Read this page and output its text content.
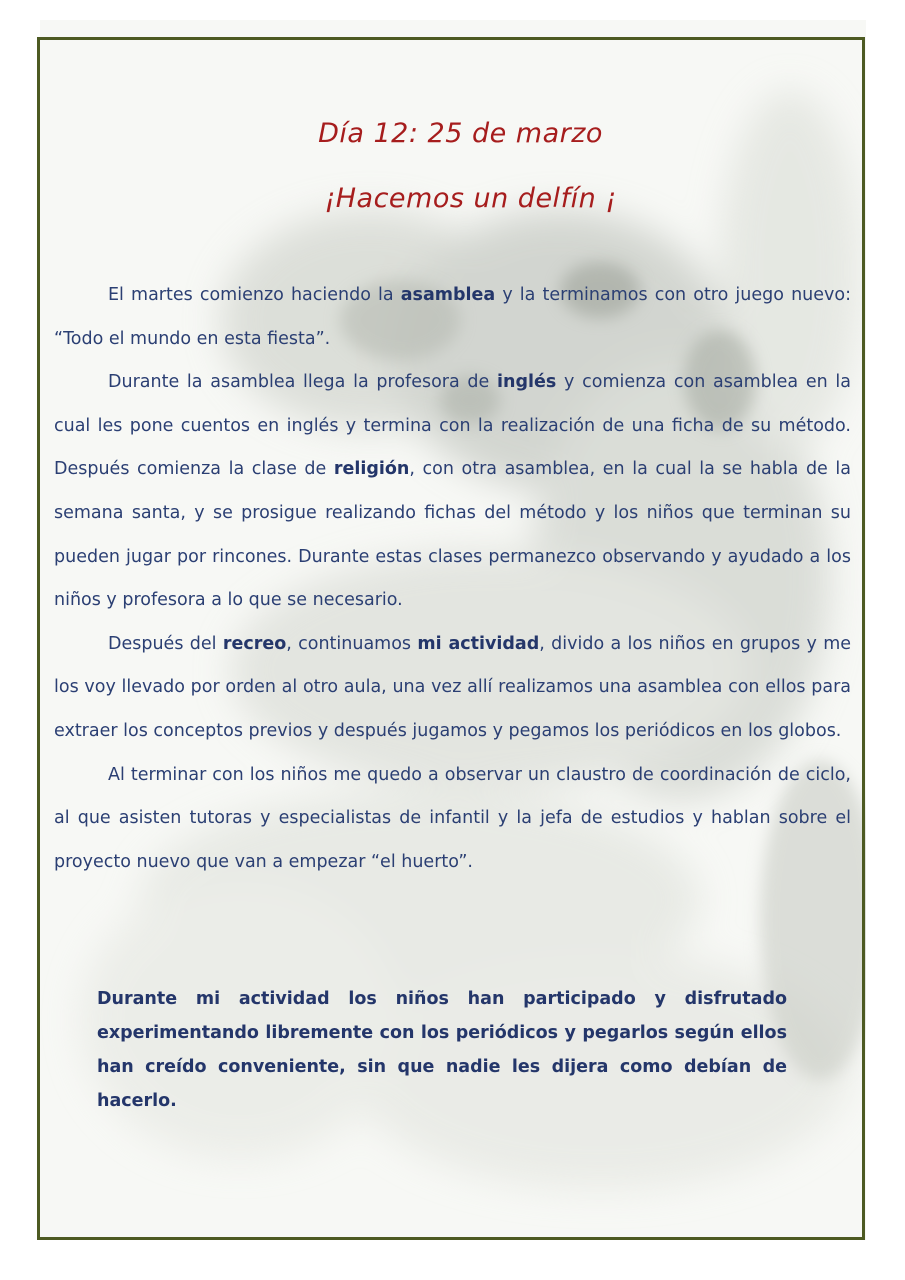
Día 12: 25 de marzo
¡Hacemos un delfín ¡

El martes comienzo haciendo la asamblea y la terminamos con otro juego nuevo: “Todo el mundo en esta fiesta”.

Durante la asamblea llega la profesora de inglés y comienza con asamblea en la cual les pone cuentos en inglés y termina con la realización de una ficha de su método. Después comienza la clase de religión, con otra asamblea, en la cual la se habla de la semana santa, y se prosigue realizando fichas del método y los niños que terminan su pueden jugar por rincones. Durante estas clases permanezco observando y ayudado a los niños y profesora a lo que se necesario.

Después del recreo, continuamos mi actividad, divido a los niños en grupos y me los voy llevado por orden al otro aula, una vez allí realizamos una asamblea con ellos para extraer los conceptos previos y después jugamos y pegamos los periódicos en los globos.

Al terminar con los niños me quedo a observar un claustro de coordinación de ciclo, al que asisten tutoras y especialistas de infantil y la jefa de estudios y hablan sobre el proyecto nuevo que van a empezar “el huerto”.

Durante mi actividad los niños han participado y disfrutado experimentando libremente con los periódicos y pegarlos según ellos han creído conveniente, sin que nadie les dijera como debían de hacerlo.
